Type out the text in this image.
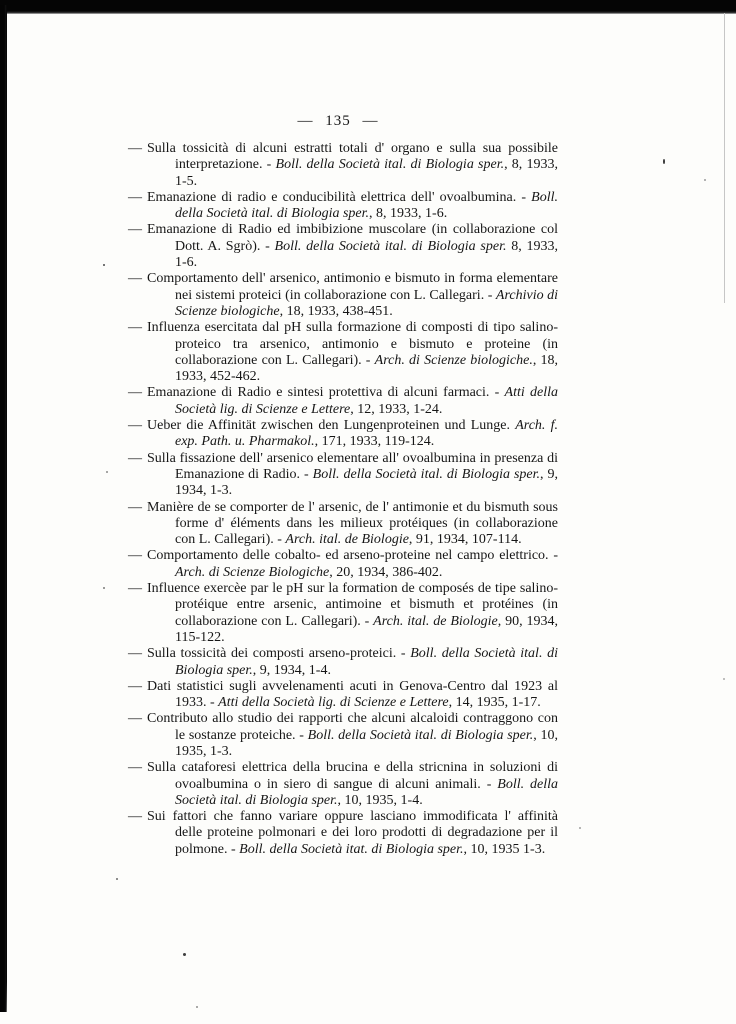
— 135 —
— Sulla tossicità di alcuni estratti totali d' organo e sulla sua possibile interpretazione. - Boll. della Società ital. di Biologia sper., 8, 1933, 1-5.
— Emanazione di radio e conducibilità elettrica dell' ovoalbumina. - Boll. della Società ital. di Biologia sper., 8, 1933, 1-6.
— Emanazione di Radio ed imbibizione muscolare (in collaborazione col Dott. A. Sgrò). - Boll. della Società ital. di Biologia sper. 8, 1933, 1-6.
— Comportamento dell' arsenico, antimonio e bismuto in forma elementare nei sistemi proteici (in collaborazione con L. Callegari. - Archivio di Scienze biologiche, 18, 1933, 438-451.
— Influenza esercitata dal pH sulla formazione di composti di tipo salino-proteico tra arsenico, antimonio e bismuto e proteine (in collaborazione con L. Callegari). - Arch. di Scienze biologiche., 18, 1933, 452-462.
— Emanazione di Radio e sintesi protettiva di alcuni farmaci. - Atti della Società lig. di Scienze e Lettere, 12, 1933, 1-24.
— Ueber die Affinität zwischen den Lungenproteinen und Lunge. Arch. f. exp. Path. u. Pharmakol., 171, 1933, 119-124.
— Sulla fissazione dell' arsenico elementare all' ovoalbumina in presenza di Emanazione di Radio. - Boll. della Società ital. di Biologia sper., 9, 1934, 1-3.
— Manière de se comporter de l' arsenic, de l' antimonie et du bismuth sous forme d' éléments dans les milieux protéiques (in collaborazione con L. Callegari). - Arch. ital. de Biologie, 91, 1934, 107-114.
— Comportamento delle cobalto- ed arseno-proteine nel campo elettrico. - Arch. di Scienze Biologiche, 20, 1934, 386-402.
— Influence exercèe par le pH sur la formation de composés de tipe salino-protéique entre arsenic, antimoine et bismuth et protéines (in collaborazione con L. Callegari). - Arch. ital. de Biologie, 90, 1934, 115-122.
— Sulla tossicità dei composti arseno-proteici. - Boll. della Società ital. di Biologia sper., 9, 1934, 1-4.
— Dati statistici sugli avvelenamenti acuti in Genova-Centro dal 1923 al 1933. - Atti della Società lig. di Scienze e Lettere, 14, 1935, 1-17.
— Contributo allo studio dei rapporti che alcuni alcaloidi contraggono con le sostanze proteiche. - Boll. della Società ital. di Biologia sper., 10, 1935, 1-3.
— Sulla cataforesi elettrica della brucina e della stricnina in soluzioni di ovoalbumina o in siero di sangue di alcuni animali. - Boll. della Società ital. di Biologia sper., 10, 1935, 1-4.
— Sui fattori che fanno variare oppure lasciano immodificata l' affinità delle proteine polmonari e dei loro prodotti di degradazione per il polmone. - Boll. della Società itat. di Biologia sper., 10, 1935 1-3.
